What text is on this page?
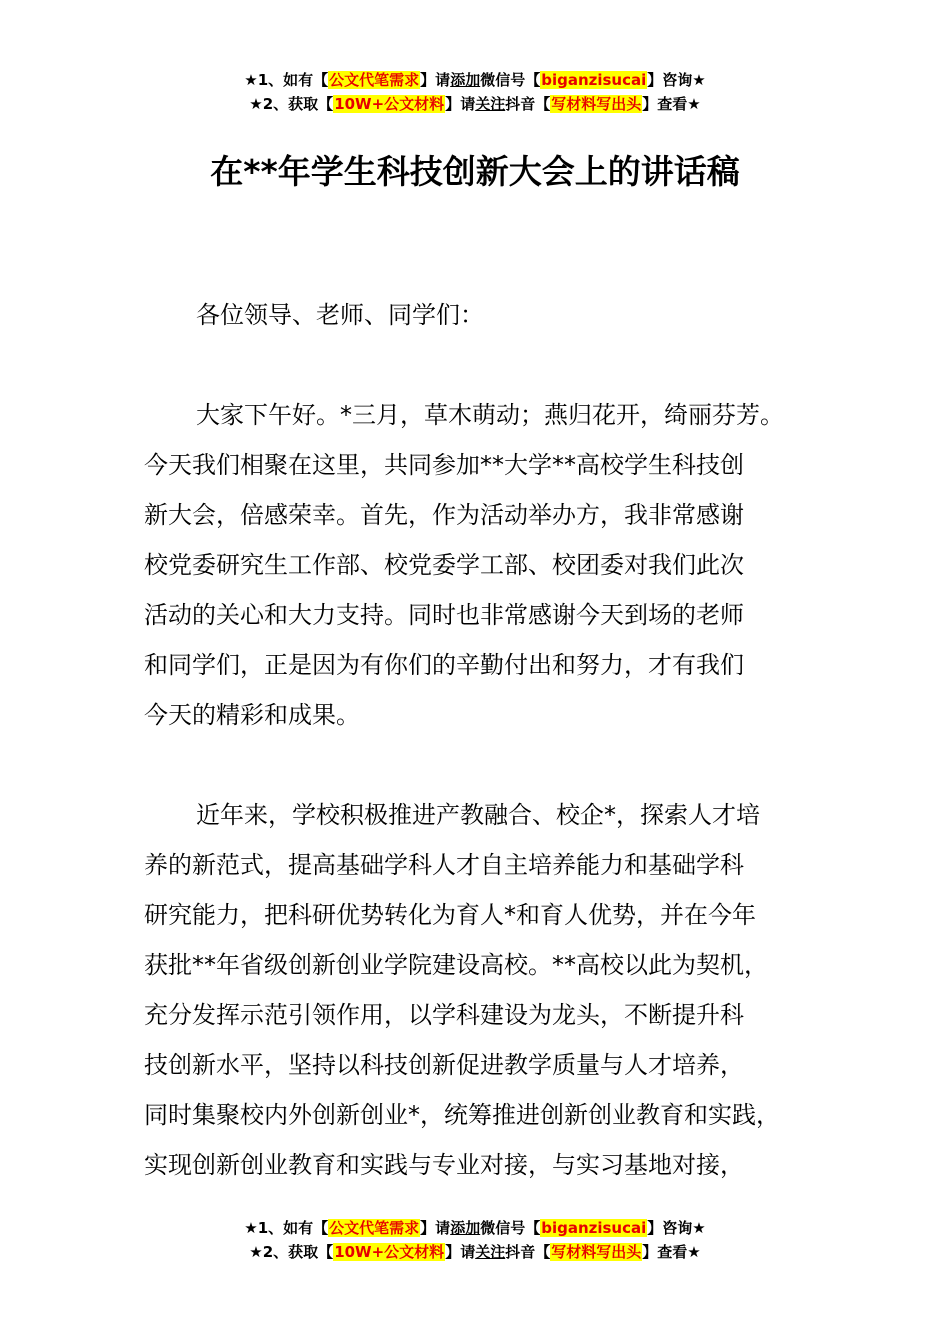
★1、如有【公文代笔需求】请添加微信号【biganzisucai】咨询★
★2、获取【10W+公文材料】请关注抖音【写材料写出头】查看★
在**年学生科技创新大会上的讲话稿

各位领导、老师、同学们：

大家下午好。*三月，草木萌动；燕归花开，绮丽芬芳。
今天我们相聚在这里，共同参加**大学**高校学生科技创
新大会，倍感荣幸。首先，作为活动举办方，我非常感谢
校党委研究生工作部、校党委学工部、校团委对我们此次
活动的关心和大力支持。同时也非常感谢今天到场的老师
和同学们，正是因为有你们的辛勤付出和努力，才有我们
今天的精彩和成果。
近年来，学校积极推进产教融合、校企*，探索人才培
养的新范式，提高基础学科人才自主培养能力和基础学科
研究能力，把科研优势转化为育人*和育人优势，并在今年
获批**年省级创新创业学院建设高校。**高校以此为契机，
充分发挥示范引领作用，以学科建设为龙头，不断提升科
技创新水平，坚持以科技创新促进教学质量与人才培养，
同时集聚校内外创新创业*，统筹推进创新创业教育和实践，
实现创新创业教育和实践与专业对接，与实习基地对接，
★1、如有【公文代笔需求】请添加微信号【biganzisucai】咨询★
★2、获取【10W+公文材料】请关注抖音【写材料写出头】查看★
